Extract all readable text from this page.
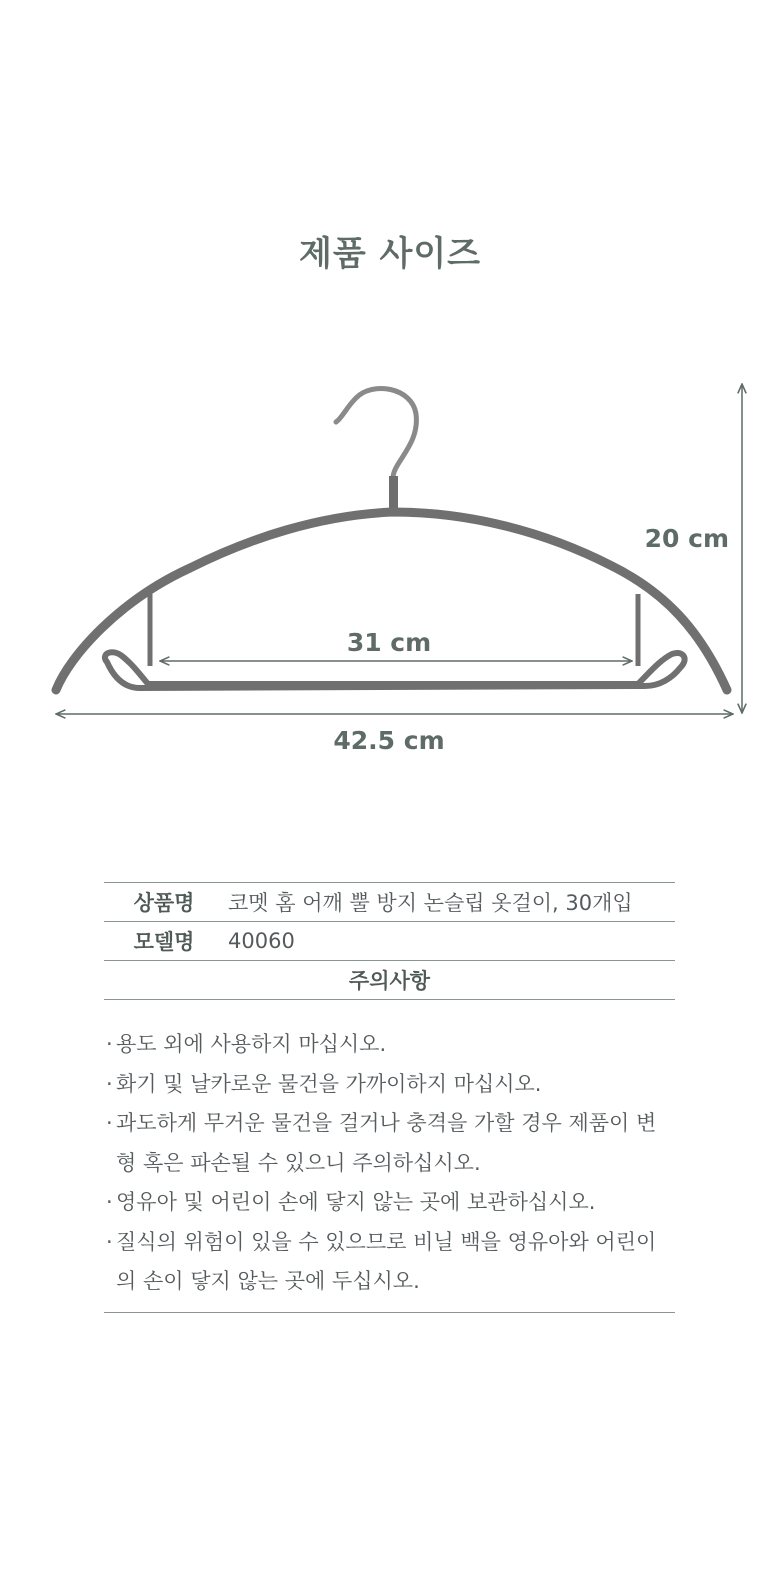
제품 사이즈
20 cm
31 cm
42.5 cm
상품명	코멧 홈 어깨 뿔 방지 논슬립 옷걸이, 30개입
모델명	40060
주의사항	
· 용도 외에 사용하지 마십시오.
· 화기 및 날카로운 물건을 가까이하지 마십시오.
· 과도하게 무거운 물건을 걸거나 충격을 가할 경우 제품이 변형 혹은 파손될 수 있으니 주의하십시오.
· 영유아 및 어린이 손에 닿지 않는 곳에 보관하십시오.
· 질식의 위험이 있을 수 있으므로 비닐 백을 영유아와 어린이의 손이 닿지 않는 곳에 두십시오.
